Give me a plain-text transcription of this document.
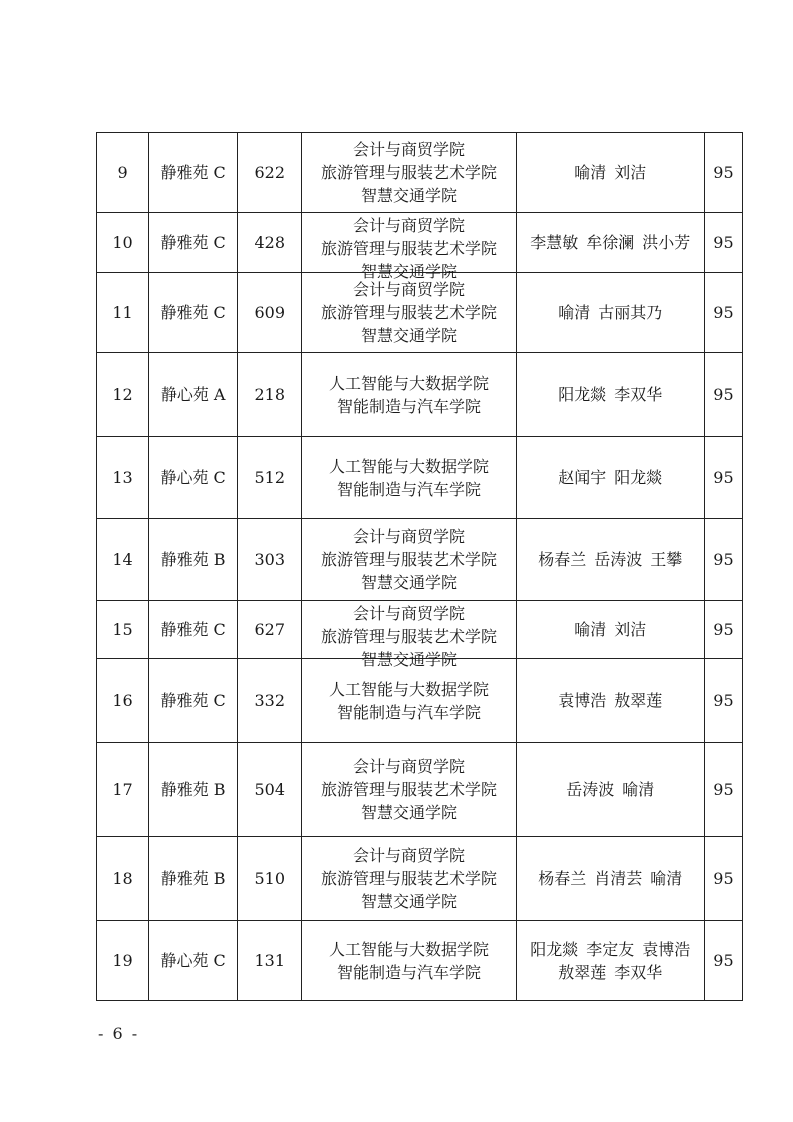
9	静雅苑 C	622	会计与商贸学院
旅游管理与服装艺术学院
智慧交通学院	喻清 刘洁	95
10	静雅苑 C	428	会计与商贸学院
旅游管理与服装艺术学院
智慧交通学院	李慧敏 牟徐澜 洪小芳	95
11	静雅苑 C	609	会计与商贸学院
旅游管理与服装艺术学院
智慧交通学院	喻清 古丽其乃	95
12	静心苑 A	218	人工智能与大数据学院
智能制造与汽车学院	阳龙燚 李双华	95
13	静心苑 C	512	人工智能与大数据学院
智能制造与汽车学院	赵闻宇 阳龙燚	95
14	静雅苑 B	303	会计与商贸学院
旅游管理与服装艺术学院
智慧交通学院	杨春兰 岳涛波 王攀	95
15	静雅苑 C	627	会计与商贸学院
旅游管理与服装艺术学院
智慧交通学院	喻清 刘洁	95
16	静雅苑 C	332	人工智能与大数据学院
智能制造与汽车学院	袁博浩 敖翠莲	95
17	静雅苑 B	504	会计与商贸学院
旅游管理与服装艺术学院
智慧交通学院	岳涛波 喻清	95
18	静雅苑 B	510	会计与商贸学院
旅游管理与服装艺术学院
智慧交通学院	杨春兰 肖清芸 喻清	95
19	静心苑 C	131	人工智能与大数据学院
智能制造与汽车学院	阳龙燚 李定友 袁博浩
敖翠莲 李双华	95
- 6 -
